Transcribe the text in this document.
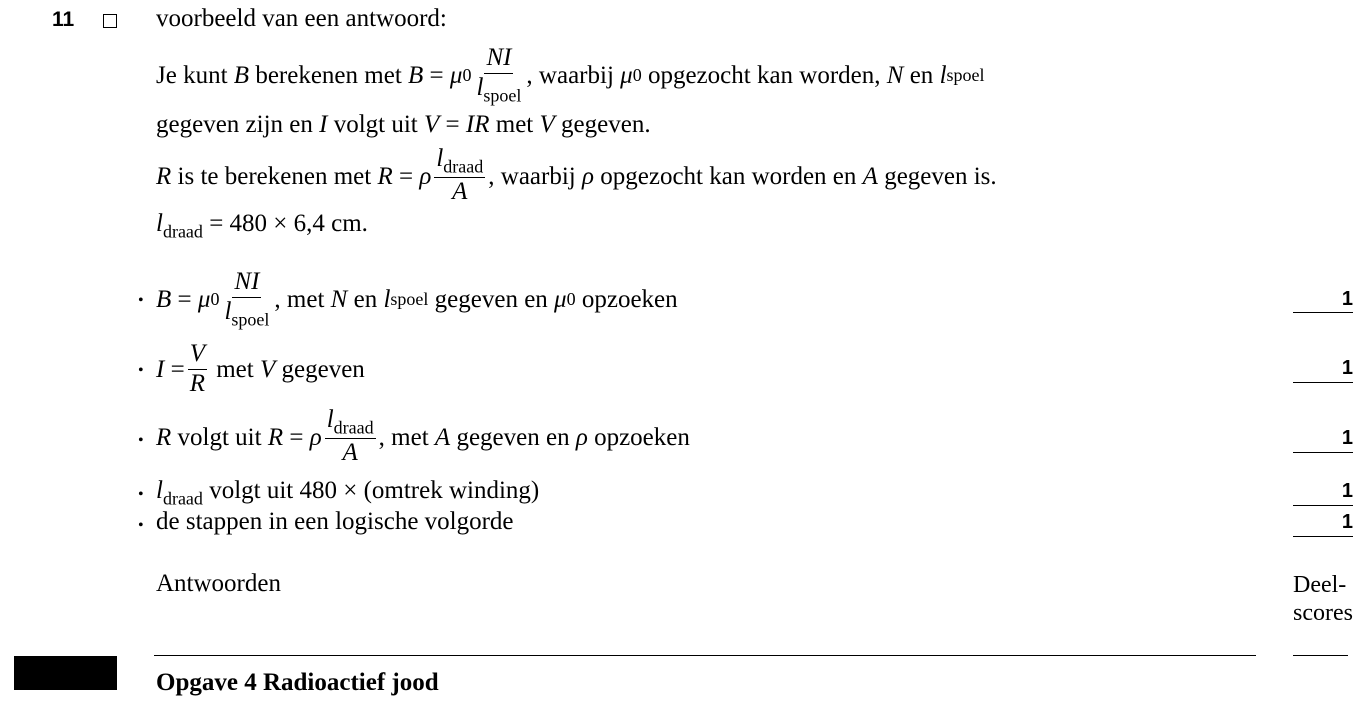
11	voorbeeld van een antwoord:
Je kunt
B
berekenen met
B
=
μ $0 \frac{NI}{l_{spoel}}$ , waarbij
μ 0
opgezocht kan worden,
N
en
l spoel
gegeven zijn en I volgt uit V = IR met V gegeven.
R
is te berekenen met
R
=
ρ $\frac{l_{draad}}{A}$ , waarbij
ρ
opgezocht kan worden en
A
gegeven is.
$l_{draad} = 480 \times 6,4$ cm.
• B
=
μ $0 \frac{NI}{l_{spoel}}$ , met
N
en
l spoel
gegeven en
μ 0
opzoeken	1
• I
= $\frac{V}{R}$
met
V
gegeven	1
• R
volgt uit
R
=
ρ $\frac{l_{draad}}{A}$ , met
A
gegeven en
ρ
opzoeken	1
• $l_{draad}$ volgt uit 480 × (omtrek winding)	1
• de stappen in een logische volgorde	1
Antwoorden	Deel-
scores
Opgave 4 Radioactief jood
